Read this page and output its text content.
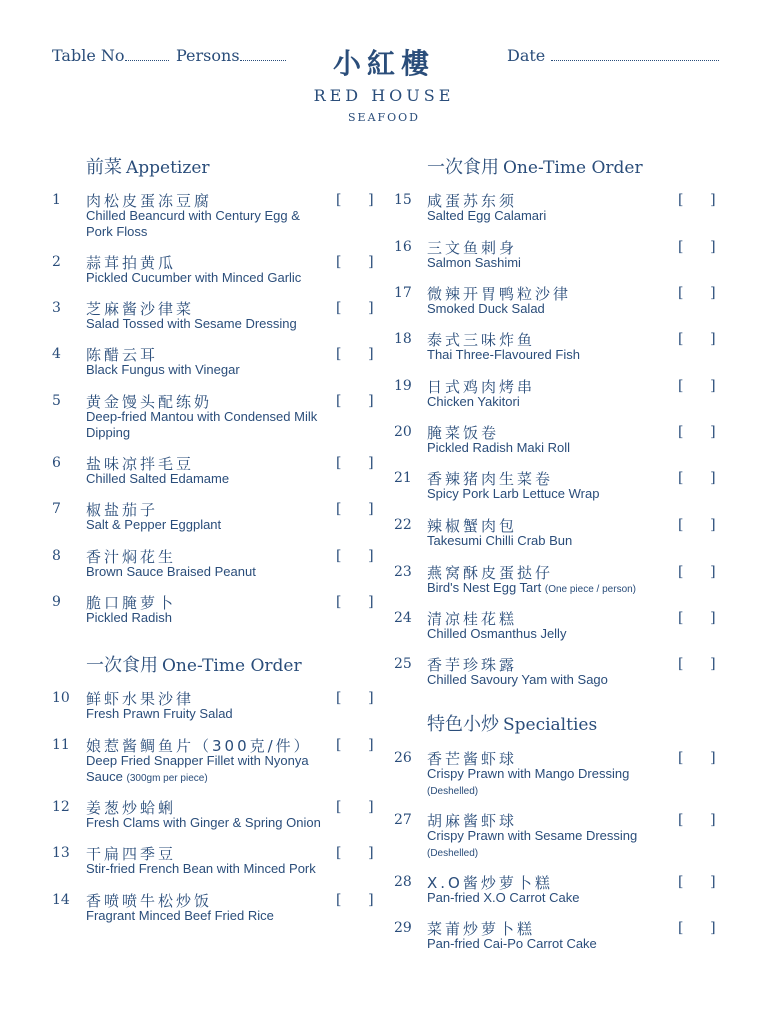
Table No	Persons	Date
小紅樓
RED HOUSE
SEAFOOD
前菜 Appetizer
一次食用 One-Time Order
一次食用 One-Time Order
特色小炒 Specialties
1	肉松皮蛋冻豆腐
Chilled Beancurd with Century Egg & Pork Floss
[      ]
2	蒜茸拍黄瓜
Pickled Cucumber with Minced Garlic
[      ]
3	芝麻酱沙律菜
Salad Tossed with Sesame Dressing
[      ]
4	陈醋云耳
Black Fungus with Vinegar
[      ]
5	黄金馒头配练奶
Deep-fried Mantou with Condensed Milk Dipping
[      ]
6	盐味凉拌毛豆
Chilled Salted Edamame
[      ]
7	椒盐茄子
Salt & Pepper Eggplant
[      ]
8	香汁焖花生
Brown Sauce Braised Peanut
[      ]
9	脆口腌萝卜
Pickled Radish
[      ]
10	鲜虾水果沙律
Fresh Prawn Fruity Salad
[      ]
11	娘惹酱鲷鱼片（300克/件）
Deep Fried Snapper Fillet with Nyonya Sauce (300gm per piece)
[      ]
12	姜葱炒蛤蜊
Fresh Clams with Ginger & Spring Onion
[      ]
13	干扁四季豆
Stir-fried French Bean with Minced Pork
[      ]
14	香喷喷牛松炒饭
Fragrant Minced Beef Fried Rice
[      ]
15	咸蛋苏东须
Salted Egg Calamari
[      ]
16	三文鱼刺身
Salmon Sashimi
[      ]
17	微辣开胃鸭粒沙律
Smoked Duck Salad
[      ]
18	泰式三味炸鱼
Thai Three-Flavoured Fish
[      ]
19	日式鸡肉烤串
Chicken Yakitori
[      ]
20	腌菜饭卷
Pickled Radish Maki Roll
[      ]
21	香辣猪肉生菜卷
Spicy Pork Larb Lettuce Wrap
[      ]
22	辣椒蟹肉包
Takesumi Chilli Crab Bun
[      ]
23	燕窝酥皮蛋挞仔
Bird's Nest Egg Tart (One piece / person)
[      ]
24	清凉桂花糕
Chilled Osmanthus Jelly
[      ]
25	香芋珍珠露
Chilled Savoury Yam with Sago
[      ]
26	香芒酱虾球
Crispy Prawn with Mango Dressing
(Deshelled)
[      ]
27	胡麻酱虾球
Crispy Prawn with Sesame Dressing
(Deshelled)
[      ]
28	X.O酱炒萝卜糕
Pan-fried X.O Carrot Cake
[      ]
29	菜莆炒萝卜糕
Pan-fried Cai-Po Carrot Cake
[      ]
